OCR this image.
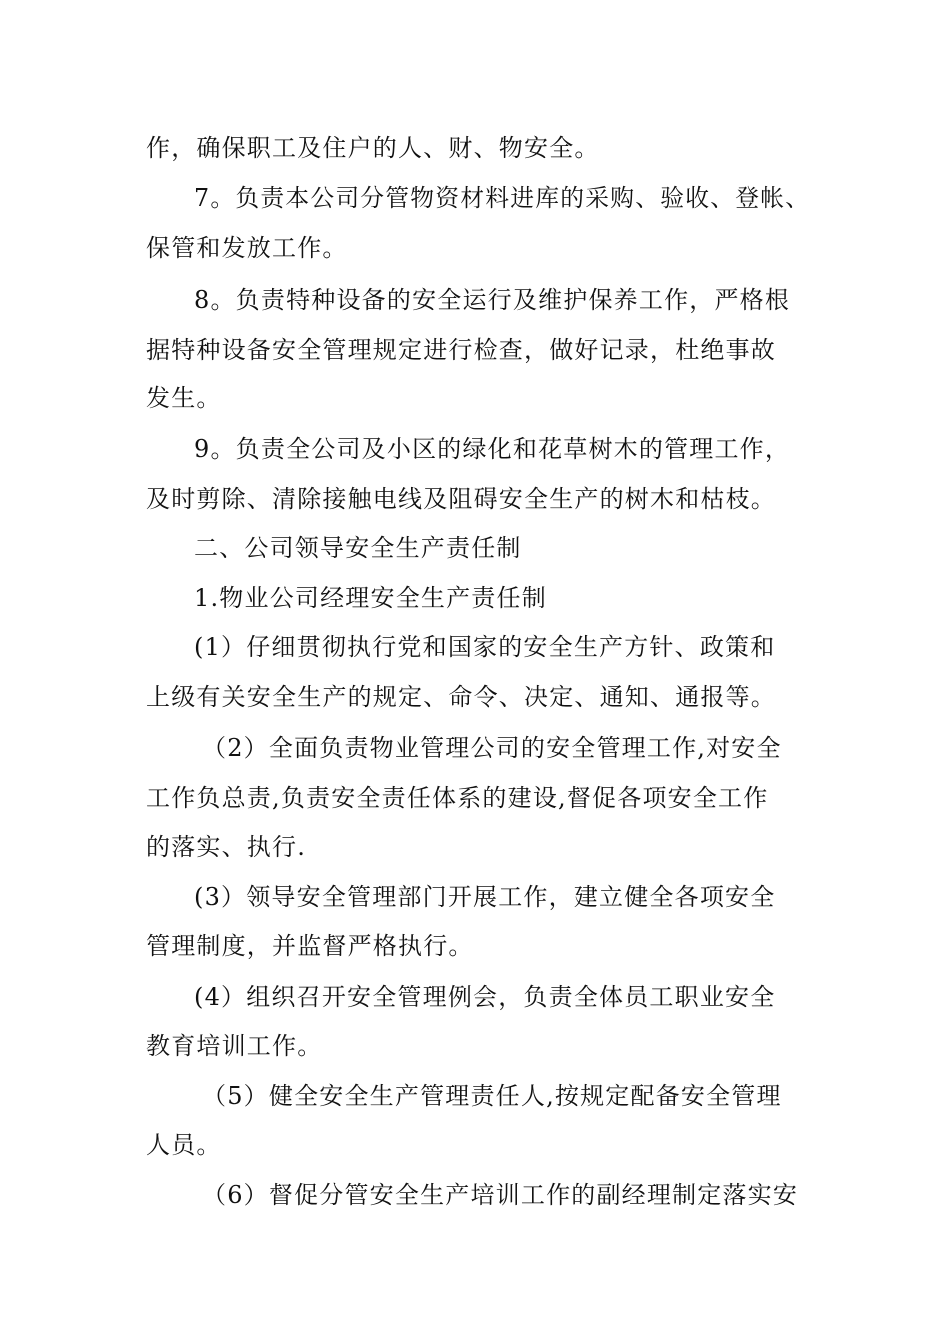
作，确保职工及住户的人、财、物安全。
7。负责本公司分管物资材料进库的采购、验收、登帐、
保管和发放工作。
8。负责特种设备的安全运行及维护保养工作，严格根
据特种设备安全管理规定进行检查，做好记录，杜绝事故
发生。
9。负责全公司及小区的绿化和花草树木的管理工作，
及时剪除、清除接触电线及阻碍安全生产的树木和枯枝。
二、公司领导安全生产责任制
1.物业公司经理安全生产责任制
(1）仔细贯彻执行党和国家的安全生产方针、政策和
上级有关安全生产的规定、命令、决定、通知、通报等。
（2）全面负责物业管理公司的安全管理工作,对安全
工作负总责,负责安全责任体系的建设,督促各项安全工作
的落实、执行.
(3）领导安全管理部门开展工作，建立健全各项安全
管理制度，并监督严格执行。
(4）组织召开安全管理例会，负责全体员工职业安全
教育培训工作。
（5）健全安全生产管理责任人,按规定配备安全管理
人员。
（6）督促分管安全生产培训工作的副经理制定落实安
